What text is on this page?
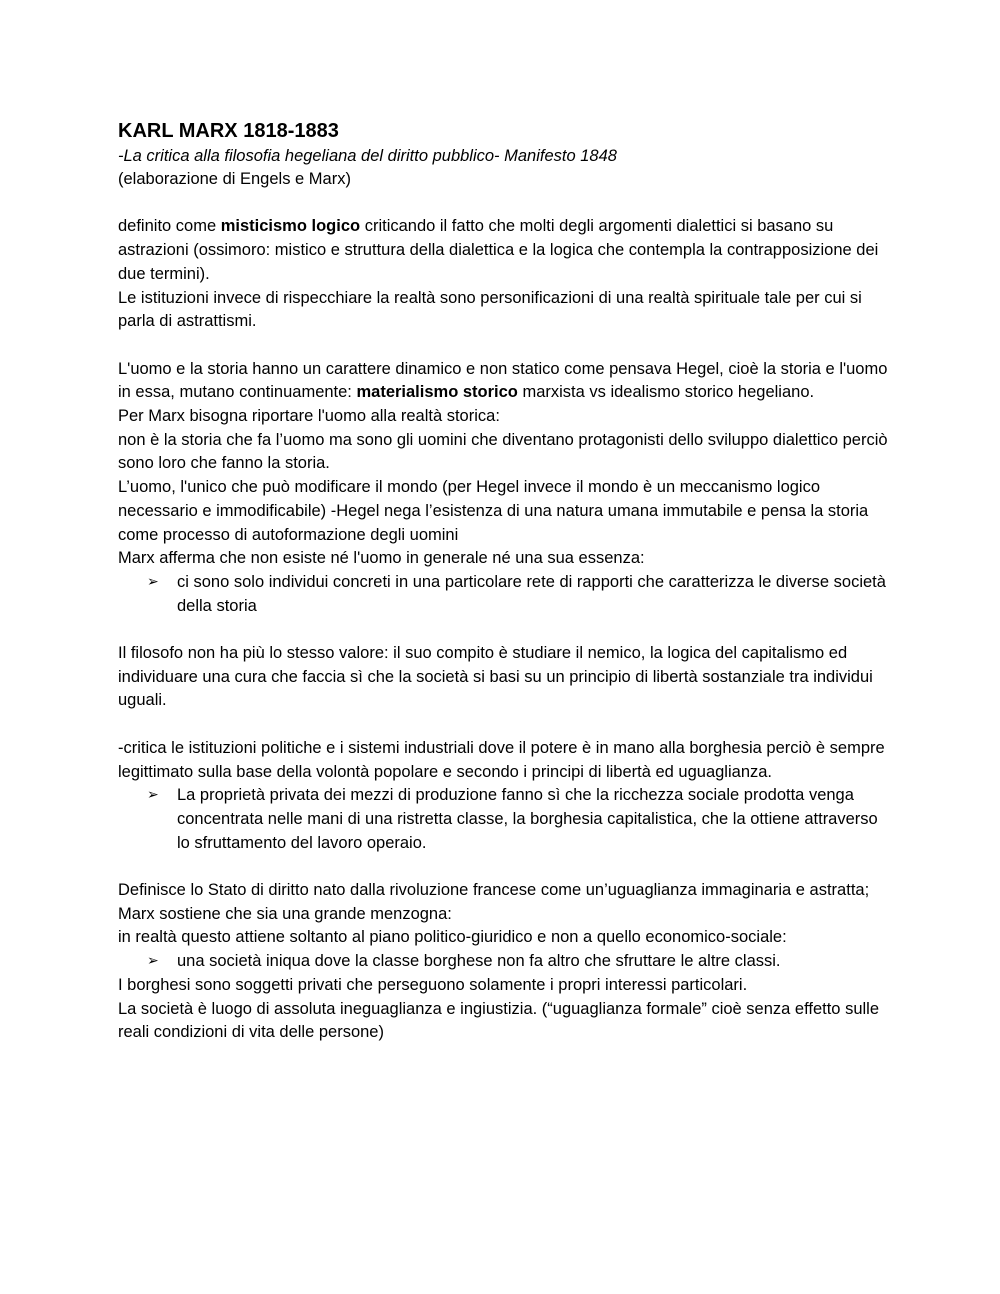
KARL MARX 1818-1883

-La critica alla filosofia hegeliana del diritto pubblico- Manifesto 1848

(elaborazione di Engels e Marx)

definito come misticismo logico criticando il fatto che molti degli argomenti dialettici si basano su astrazioni (ossimoro: mistico e struttura della dialettica e la logica che contempla la contrapposizione dei due termini).

Le istituzioni invece di rispecchiare la realtà sono personificazioni di una realtà spirituale tale per cui si parla di astrattismi.

L'uomo e la storia hanno un carattere dinamico e non statico come pensava Hegel, cioè la storia e l'uomo in essa, mutano continuamente: materialismo storico marxista vs idealismo storico hegeliano.

Per Marx bisogna riportare l'uomo alla realtà storica:

non è la storia che fa l’uomo ma sono gli uomini che diventano protagonisti dello sviluppo dialettico perciò sono loro che fanno la storia.

L’uomo, l'unico che può modificare il mondo (per Hegel invece il mondo è un meccanismo logico necessario e immodificabile) -Hegel nega l’esistenza di una natura umana immutabile e pensa la storia come processo di autoformazione degli uomini

Marx afferma che non esiste né l'uomo in generale né una sua essenza:

➢ ci sono solo individui concreti in una particolare rete di rapporti che caratterizza le diverse società della storia

Il filosofo non ha più lo stesso valore: il suo compito è studiare il nemico, la logica del capitalismo ed individuare una cura che faccia sì che la società si basi su un principio di libertà sostanziale tra individui uguali.

-critica le istituzioni politiche e i sistemi industriali dove il potere è in mano alla borghesia perciò è sempre legittimato sulla base della volontà popolare e secondo i principi di libertà ed uguaglianza.

➢ La proprietà privata dei mezzi di produzione fanno sì che la ricchezza sociale prodotta venga concentrata nelle mani di una ristretta classe, la borghesia capitalistica, che la ottiene attraverso lo sfruttamento del lavoro operaio.

Definisce lo Stato di diritto nato dalla rivoluzione francese come un’uguaglianza immaginaria e astratta; Marx sostiene che sia una grande menzogna:

in realtà questo attiene soltanto al piano politico-giuridico e non a quello economico-sociale:

➢ una società iniqua dove la classe borghese non fa altro che sfruttare le altre classi.

I borghesi sono soggetti privati che perseguono solamente i propri interessi particolari.

La società è luogo di assoluta ineguaglianza e ingiustizia. (“uguaglianza formale” cioè senza effetto sulle reali condizioni di vita delle persone)
